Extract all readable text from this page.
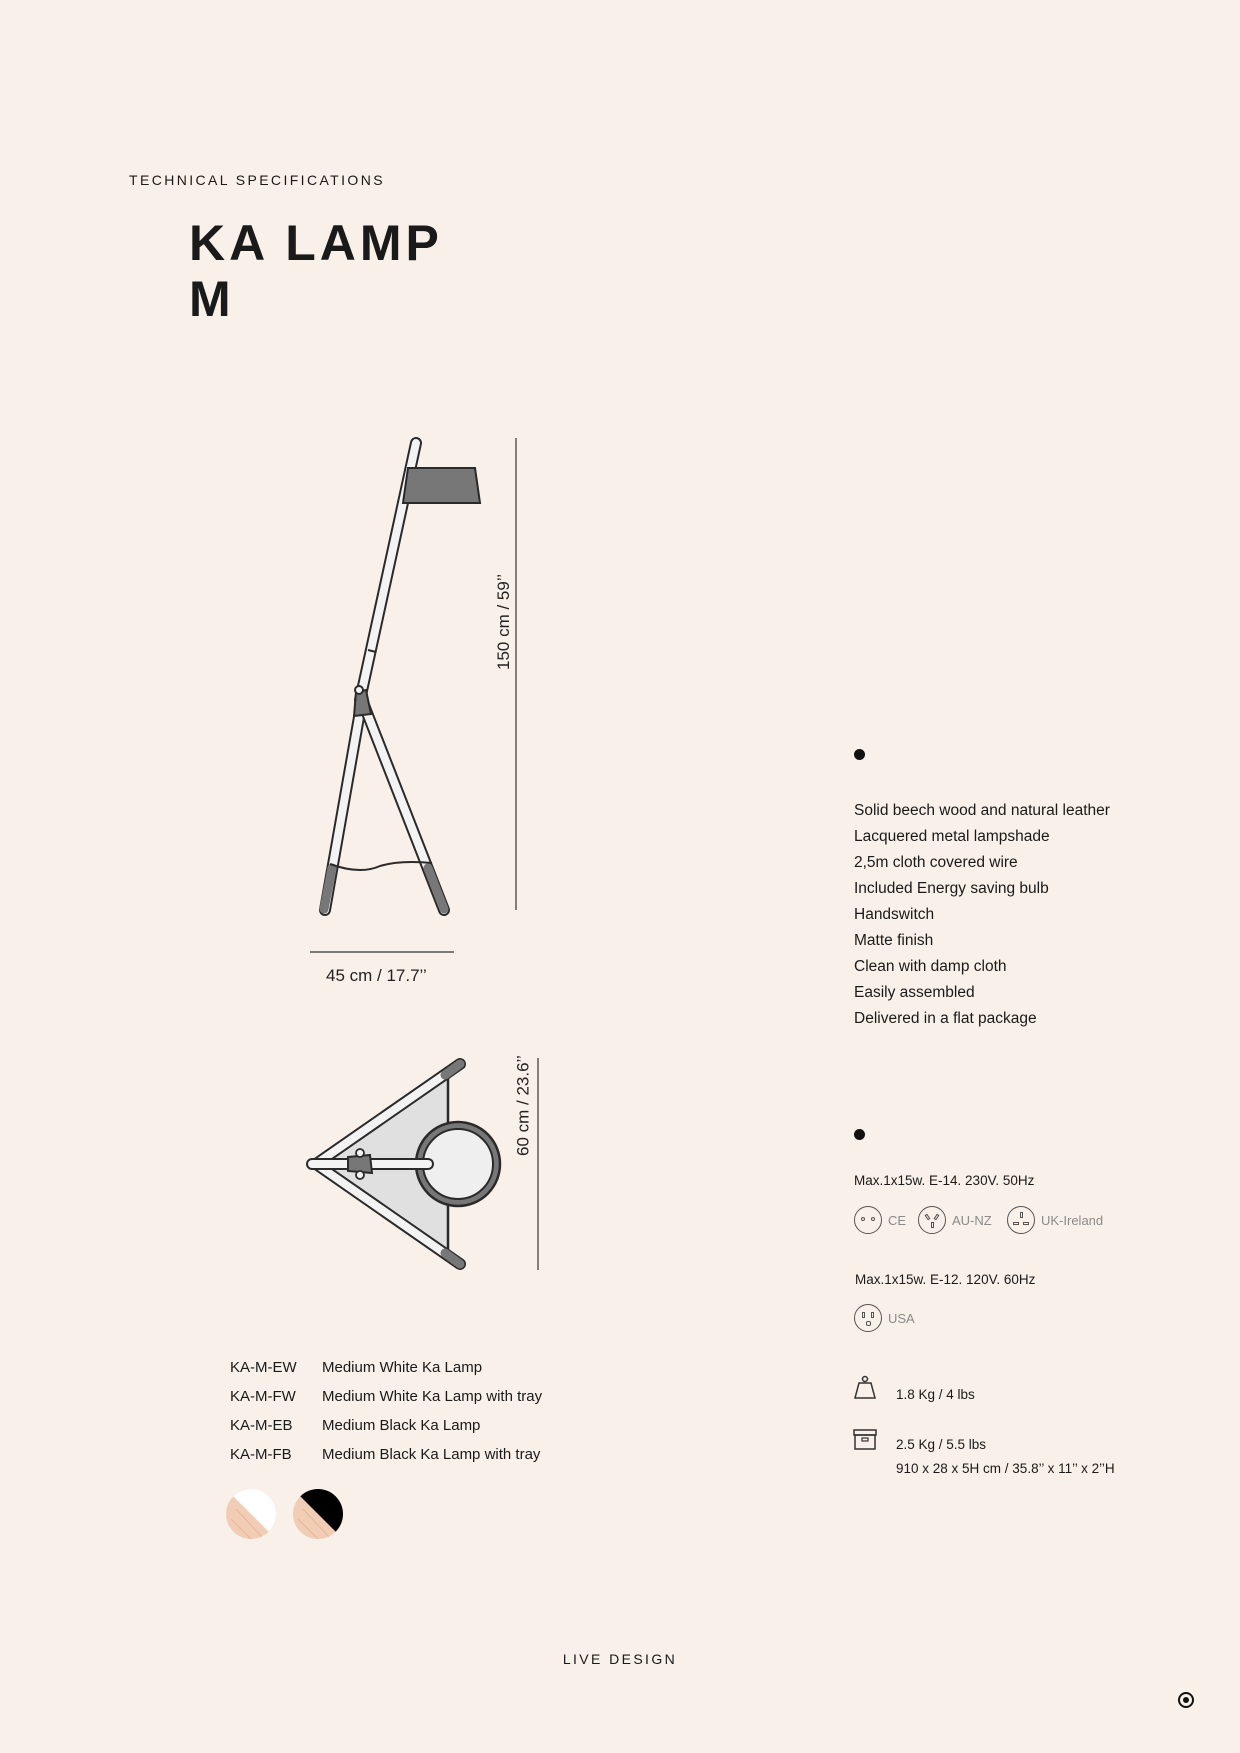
TECHNICAL SPECIFICATIONS
KA LAMP
M
150 cm / 59’’
45 cm / 17.7’’
60 cm / 23.6’’
Solid beech wood and natural leather
Lacquered metal lampshade
2,5m cloth covered wire
Included Energy saving bulb
Handswitch
Matte finish
Clean with damp cloth
Easily assembled
Delivered in a flat package
Max.1x15w. E-14. 230V. 50Hz
CE	AU-NZ	UK-Ireland
Max.1x15w. E-12. 120V. 60Hz
USA
1.8 Kg / 4 lbs
2.5 Kg / 5.5 lbs
910 x 28 x 5H cm / 35.8’’ x 11’’ x 2’’H
KA-M-EW	Medium White Ka Lamp
KA-M-FW	Medium White Ka Lamp with tray
KA-M-EB	Medium Black Ka Lamp
KA-M-FB	Medium Black Ka Lamp with tray
LIVE DESIGN
